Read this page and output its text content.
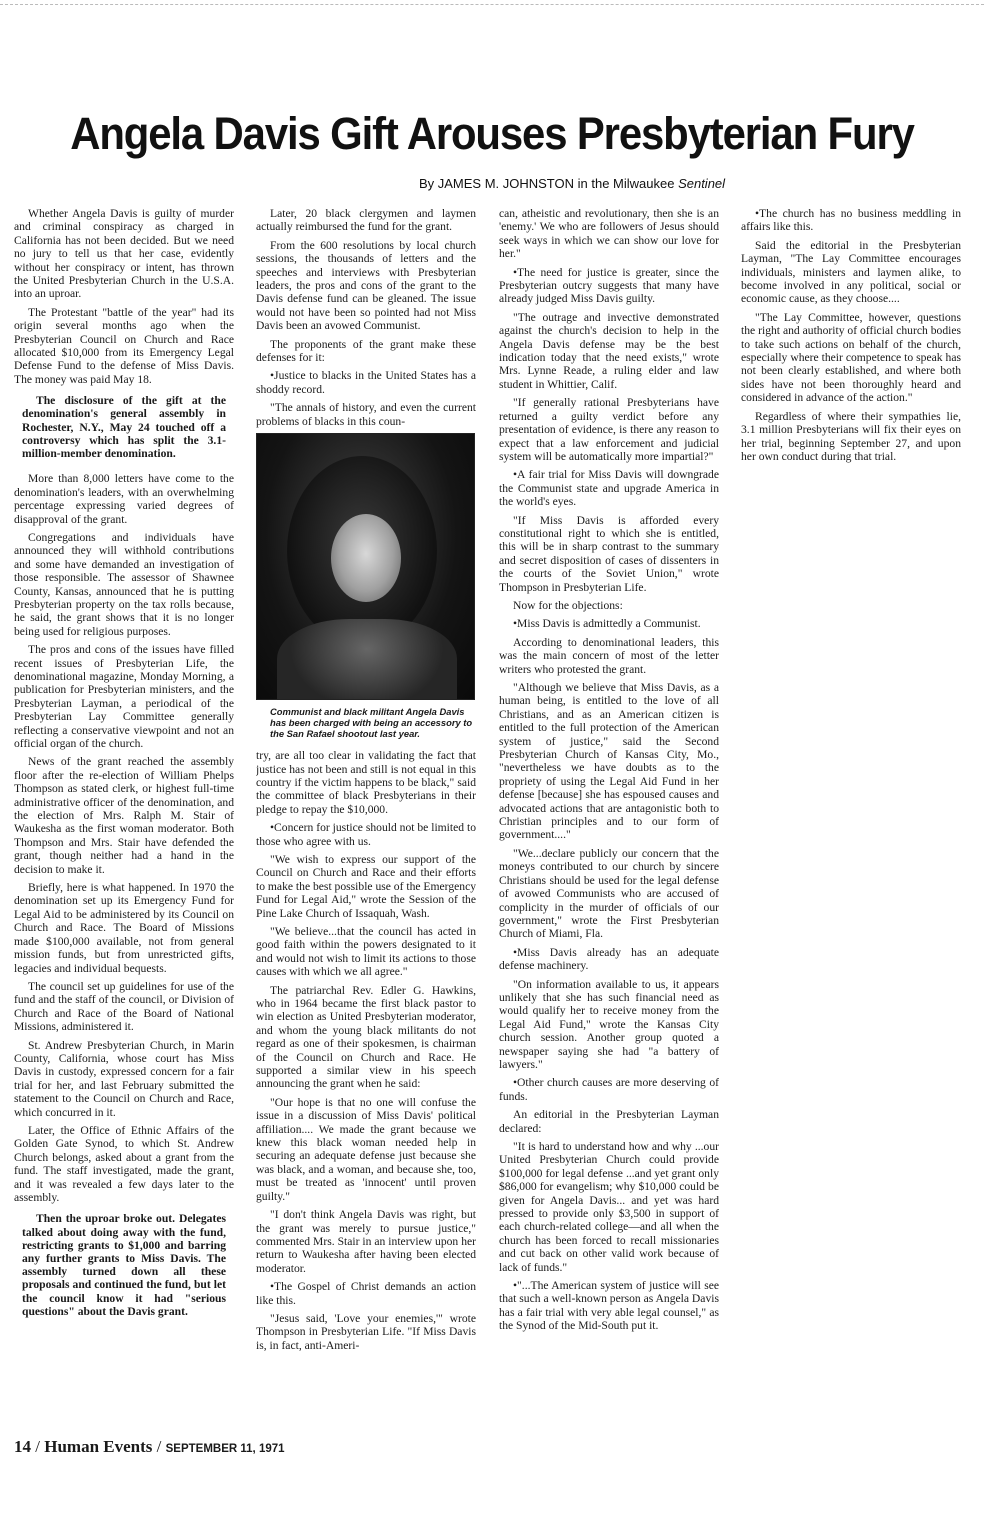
Angela Davis Gift Arouses Presbyterian Fury
By JAMES M. JOHNSTON in the Milwaukee Sentinel

Whether Angela Davis is guilty of murder and criminal conspiracy as charged in California has not been decided. But we need no jury to tell us that her case, evidently without her conspiracy or intent, has thrown the United Presbyterian Church in the U.S.A. into an uproar.

The Protestant "battle of the year" had its origin several months ago when the Presbyterian Council on Church and Race allocated $10,000 from its Emergency Legal Defense Fund to the defense of Miss Davis. The money was paid May 18.

The disclosure of the gift at the denomination's general assembly in Rochester, N.Y., May 24 touched off a controversy which has split the 3.1-million-member denomination.

More than 8,000 letters have come to the denomination's leaders, with an overwhelming percentage expressing varied degrees of disapproval of the grant.

Congregations and individuals have announced they will withhold contributions and some have demanded an investigation of those responsible. The assessor of Shawnee County, Kansas, announced that he is putting Presbyterian property on the tax rolls because, he said, the grant shows that it is no longer being used for religious purposes.

The pros and cons of the issues have filled recent issues of Presbyterian Life, the denominational magazine, Monday Morning, a publication for Presbyterian ministers, and the Presbyterian Layman, a periodical of the Presbyterian Lay Committee generally reflecting a conservative viewpoint and not an official organ of the church.

News of the grant reached the assembly floor after the re-election of William Phelps Thompson as stated clerk, or highest full-time administrative officer of the denomination, and the election of Mrs. Ralph M. Stair of Waukesha as the first woman moderator. Both Thompson and Mrs. Stair have defended the grant, though neither had a hand in the decision to make it.

Briefly, here is what happened. In 1970 the denomination set up its Emergency Fund for Legal Aid to be administered by its Council on Church and Race. The Board of Missions made $100,000 available, not from general mission funds, but from unrestricted gifts, legacies and individual bequests.

The council set up guidelines for use of the fund and the staff of the council, or Division of Church and Race of the Board of National Missions, administered it.

St. Andrew Presbyterian Church, in Marin County, California, whose court has Miss Davis in custody, expressed concern for a fair trial for her, and last February submitted the statement to the Council on Church and Race, which concurred in it.

Later, the Office of Ethnic Affairs of the Golden Gate Synod, to which St. Andrew Church belongs, asked about a grant from the fund. The staff investigated, made the grant, and it was revealed a few days later to the assembly.

Then the uproar broke out. Delegates talked about doing away with the fund, restricting grants to $1,000 and barring any further grants to Miss Davis. The assembly turned down all these proposals and continued the fund, but let the council know it had "serious questions" about the Davis grant.

Later, 20 black clergymen and laymen actually reimbursed the fund for the grant.

From the 600 resolutions by local church sessions, the thousands of letters and the speeches and interviews with Presbyterian leaders, the pros and cons of the grant to the Davis defense fund can be gleaned. The issue would not have been so pointed had not Miss Davis been an avowed Communist.

The proponents of the grant make these defenses for it:

•Justice to blacks in the United States has a shoddy record.

"The annals of history, and even the current problems of blacks in this coun-

Communist and black militant Angela Davis has been charged with being an accessory to the San Rafael shootout last year.

try, are all too clear in validating the fact that justice has not been and still is not equal in this country if the victim happens to be black," said the committee of black Presbyterians in their pledge to repay the $10,000.

•Concern for justice should not be limited to those who agree with us.

"We wish to express our support of the Council on Church and Race and their efforts to make the best possible use of the Emergency Fund for Legal Aid," wrote the Session of the Pine Lake Church of Issaquah, Wash.

"We believe...that the council has acted in good faith within the powers designated to it and would not wish to limit its actions to those causes with which we all agree."

The patriarchal Rev. Edler G. Hawkins, who in 1964 became the first black pastor to win election as United Presbyterian moderator, and whom the young black militants do not regard as one of their spokesmen, is chairman of the Council on Church and Race. He supported a similar view in his speech announcing the grant when he said:

"Our hope is that no one will confuse the issue in a discussion of Miss Davis' political affiliation.... We made the grant because we knew this black woman needed help in securing an adequate defense just because she was black, and a woman, and because she, too, must be treated as 'innocent' until proven guilty."

"I don't think Angela Davis was right, but the grant was merely to pursue justice," commented Mrs. Stair in an interview upon her return to Waukesha after having been elected moderator.

•The Gospel of Christ demands an action like this.

"Jesus said, 'Love your enemies,'" wrote Thompson in Presbyterian Life. "If Miss Davis is, in fact, anti-Ameri-

can, atheistic and revolutionary, then she is an 'enemy.' We who are followers of Jesus should seek ways in which we can show our love for her."

•The need for justice is greater, since the Presbyterian outcry suggests that many have already judged Miss Davis guilty.

"The outrage and invective demonstrated against the church's decision to help in the Angela Davis defense may be the best indication today that the need exists," wrote Mrs. Lynne Reade, a ruling elder and law student in Whittier, Calif.

"If generally rational Presbyterians have returned a guilty verdict before any presentation of evidence, is there any reason to expect that a law enforcement and judicial system will be automatically more impartial?"

•A fair trial for Miss Davis will downgrade the Communist state and upgrade America in the world's eyes.

"If Miss Davis is afforded every constitutional right to which she is entitled, this will be in sharp contrast to the summary and secret disposition of cases of dissenters in the courts of the Soviet Union," wrote Thompson in Presbyterian Life.

Now for the objections:

•Miss Davis is admittedly a Communist.

According to denominational leaders, this was the main concern of most of the letter writers who protested the grant.

"Although we believe that Miss Davis, as a human being, is entitled to the love of all Christians, and as an American citizen is entitled to the full protection of the American system of justice," said the Second Presbyterian Church of Kansas City, Mo., "nevertheless we have doubts as to the propriety of using the Legal Aid Fund in her defense [because] she has espoused causes and advocated actions that are antagonistic both to Christian principles and to our form of government...."

"We...declare publicly our concern that the moneys contributed to our church by sincere Christians should be used for the legal defense of avowed Communists who are accused of complicity in the murder of officials of our government," wrote the First Presbyterian Church of Miami, Fla.

•Miss Davis already has an adequate defense machinery.

"On information available to us, it appears unlikely that she has such financial need as would qualify her to receive money from the Legal Aid Fund," wrote the Kansas City church session. Another group quoted a newspaper saying she had "a battery of lawyers."

•Other church causes are more deserving of funds.

An editorial in the Presbyterian Layman declared:

"It is hard to understand how and why ...our United Presbyterian Church could provide $100,000 for legal defense ...and yet grant only $86,000 for evangelism; why $10,000 could be given for Angela Davis... and yet was hard pressed to provide only $3,500 in support of each church-related college—and all when the church has been forced to recall missionaries and cut back on other valid work because of lack of funds."

•"...The American system of justice will see that such a well-known person as Angela Davis has a fair trial with very able legal counsel," as the Synod of the Mid-South put it.

•The church has no business meddling in affairs like this.

Said the editorial in the Presbyterian Layman, "The Lay Committee encourages individuals, ministers and laymen alike, to become involved in any political, social or economic cause, as they choose....

"The Lay Committee, however, questions the right and authority of official church bodies to take such actions on behalf of the church, especially where their competence to speak has not been clearly established, and where both sides have not been thoroughly heard and considered in advance of the action."

Regardless of where their sympathies lie, 3.1 million Presbyterians will fix their eyes on her trial, beginning September 27, and upon her own conduct during that trial.

14 / Human Events / SEPTEMBER 11, 1971
